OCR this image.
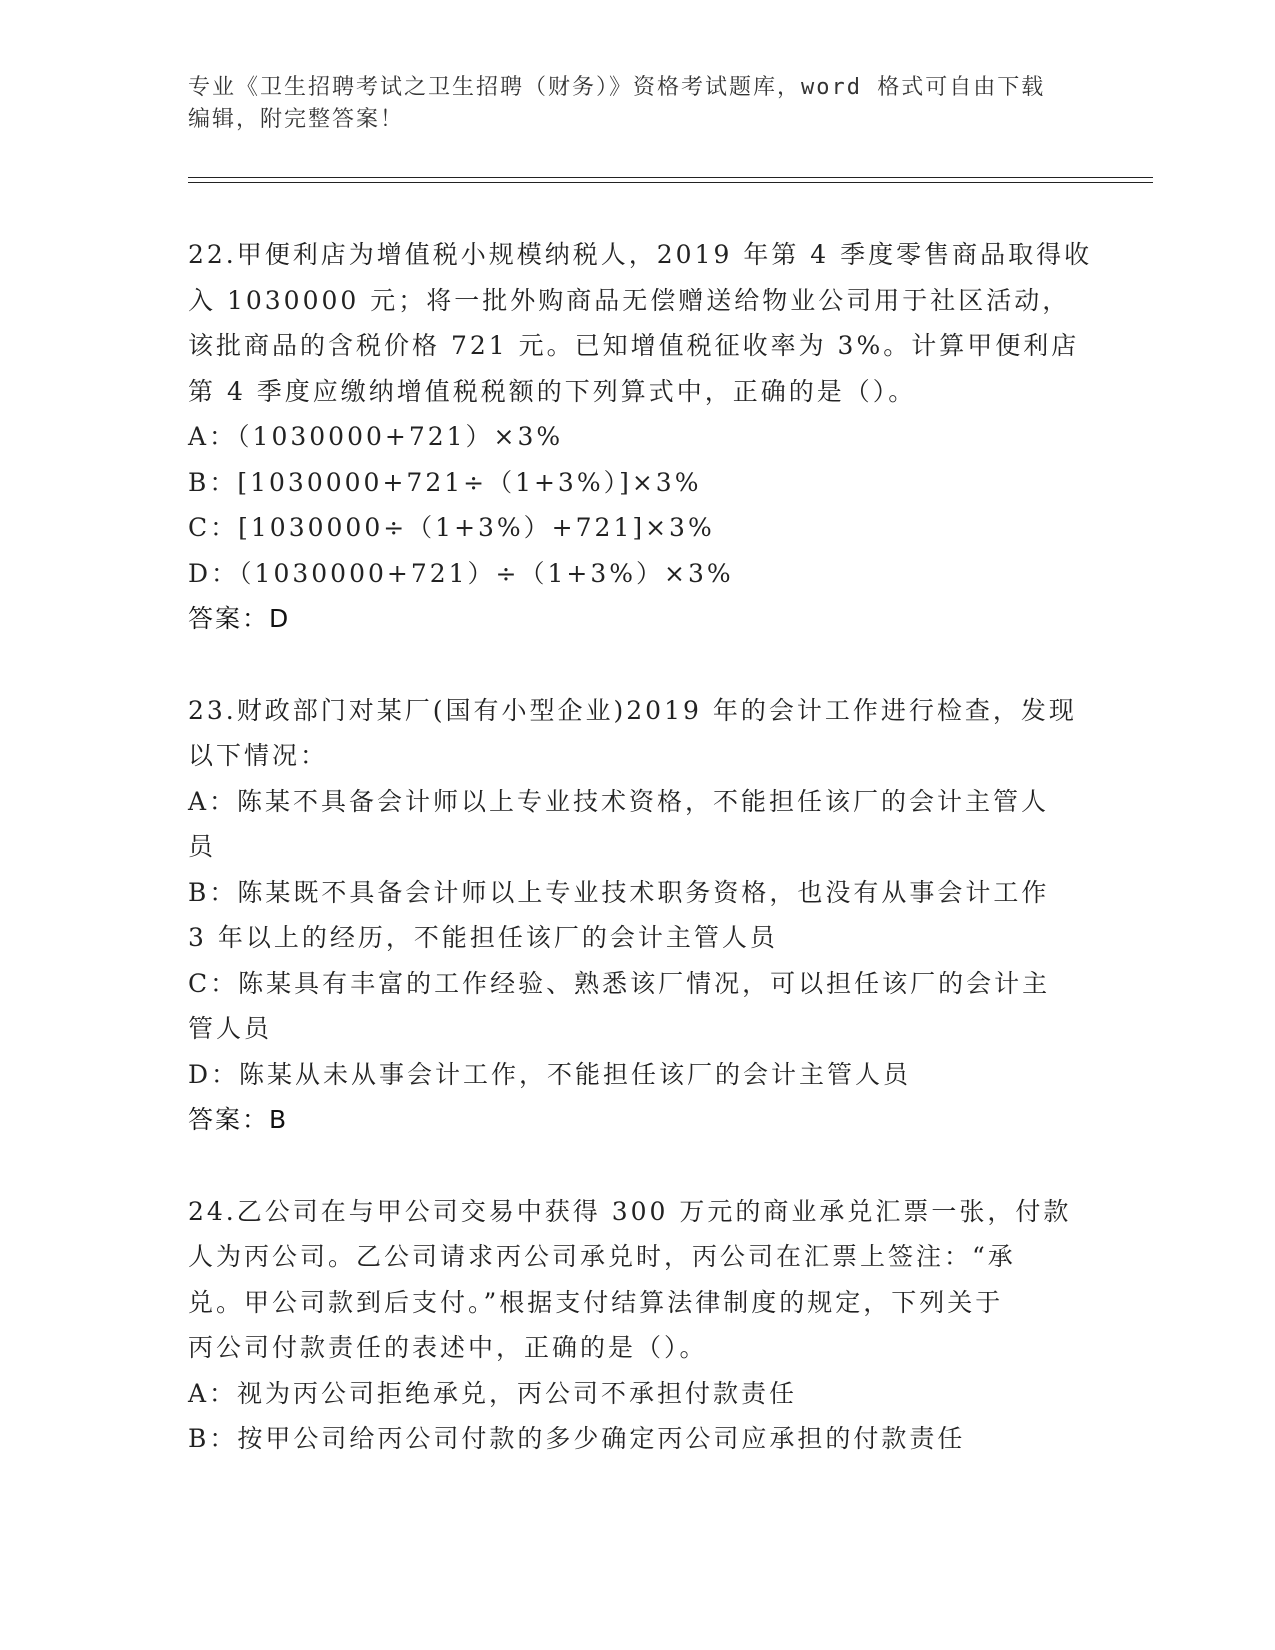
专业《卫生招聘考试之卫生招聘（财务）》资格考试题库，word 格式可自由下载
编辑，附完整答案！
22.甲便利店为增值税小规模纳税人，2019 年第 4 季度零售商品取得收
入 1030000 元；将一批外购商品无偿赠送给物业公司用于社区活动，
该批商品的含税价格 721 元。已知增值税征收率为 3%。计算甲便利店
第 4 季度应缴纳增值税税额的下列算式中，正确的是（）。
A：（1030000+721）×3%
B：[1030000+721÷（1+3%）]×3%
C：[1030000÷（1+3%）+721]×3%
D：（1030000+721）÷（1+3%）×3%
答案：D
23.财政部门对某厂(国有小型企业)2019 年的会计工作进行检查，发现
以下情况：
A：陈某不具备会计师以上专业技术资格，不能担任该厂的会计主管人
员
B：陈某既不具备会计师以上专业技术职务资格，也没有从事会计工作
3 年以上的经历，不能担任该厂的会计主管人员
C：陈某具有丰富的工作经验、熟悉该厂情况，可以担任该厂的会计主
管人员
D：陈某从未从事会计工作，不能担任该厂的会计主管人员
答案：B
24.乙公司在与甲公司交易中获得 300 万元的商业承兑汇票一张，付款
人为丙公司。乙公司请求丙公司承兑时，丙公司在汇票上签注：“承
兑。甲公司款到后支付。”根据支付结算法律制度的规定，下列关于
丙公司付款责任的表述中，正确的是（）。
A：视为丙公司拒绝承兑，丙公司不承担付款责任
B：按甲公司给丙公司付款的多少确定丙公司应承担的付款责任
